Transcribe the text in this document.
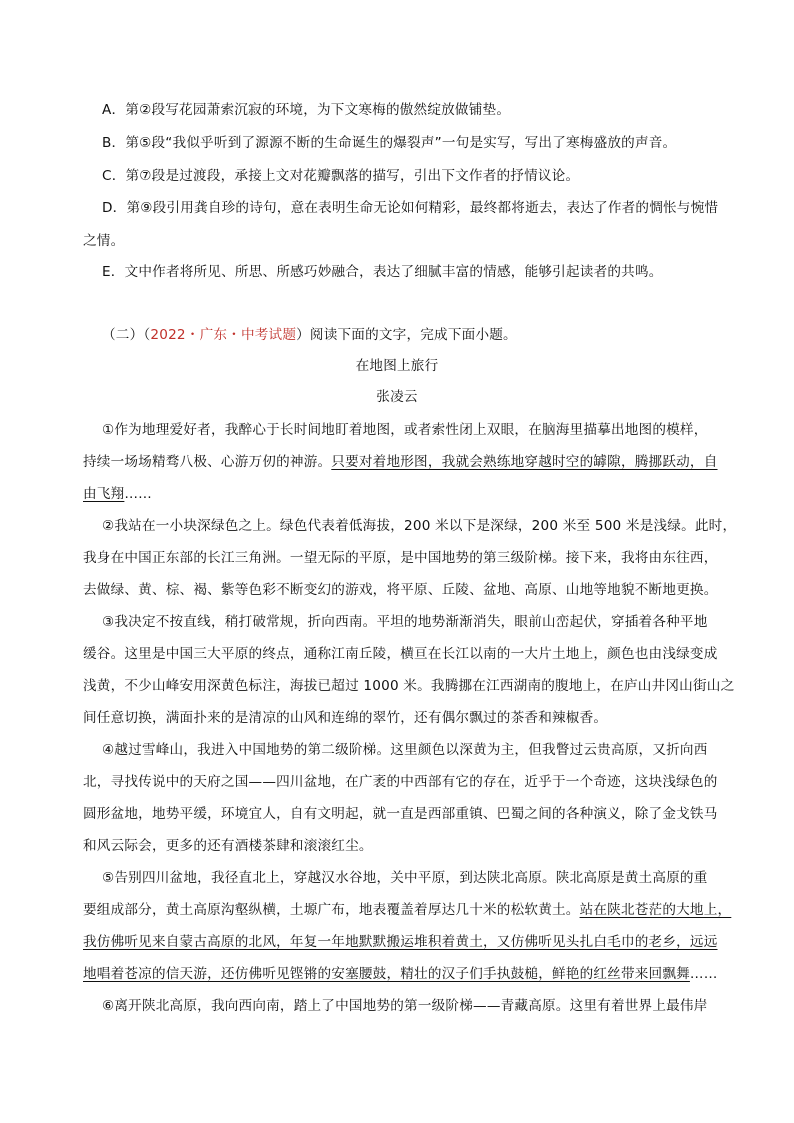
A．第②段写花园萧索沉寂的环境，为下文寒梅的傲然绽放做铺垫。
B．第⑤段“我似乎听到了源源不断的生命诞生的爆裂声”一句是实写，写出了寒梅盛放的声音。
C．第⑦段是过渡段，承接上文对花瓣飘落的描写，引出下文作者的抒情议论。
D．第⑨段引用龚自珍的诗句，意在表明生命无论如何精彩，最终都将逝去，表达了作者的惆怅与惋惜
之情。
E．文中作者将所见、所思、所感巧妙融合，表达了细腻丰富的情感，能够引起读者的共鸣。
（二）（2022・广东・中考试题）阅读下面的文字，完成下面小题。
在地图上旅行
张凌云
①作为地理爱好者，我醉心于长时间地盯着地图，或者索性闭上双眼，在脑海里描摹出地图的模样，
持续一场场精骛八极、心游万仞的神游。只要对着地形图，我就会熟练地穿越时空的罅隙，腾挪跃动，自
由飞翔……
②我站在一小块深绿色之上。绿色代表着低海拔，200 米以下是深绿，200 米至 500 米是浅绿。此时，
我身在中国正东部的长江三角洲。一望无际的平原，是中国地势的第三级阶梯。接下来，我将由东往西，
去做绿、黄、棕、褐、紫等色彩不断变幻的游戏，将平原、丘陵、盆地、高原、山地等地貌不断地更换。
③我决定不按直线，稍打破常规，折向西南。平坦的地势渐渐消失，眼前山峦起伏，穿插着各种平地
缓谷。这里是中国三大平原的终点，通称江南丘陵，横亘在长江以南的一大片土地上，颜色也由浅绿变成
浅黄，不少山峰安用深黄色标注，海拔已超过 1000 米。我腾挪在江西湖南的腹地上，在庐山井冈山街山之
间任意切换，满面扑来的是清凉的山风和连绵的翠竹，还有偶尔飘过的茶香和辣椒香。
④越过雪峰山，我进入中国地势的第二级阶梯。这里颜色以深黄为主，但我瞥过云贵高原，又折向西
北，寻找传说中的天府之国——四川盆地，在广袤的中西部有它的存在，近乎于一个奇迹，这块浅绿色的
圆形盆地，地势平缓，环境宜人，自有文明起，就一直是西部重镇、巴蜀之间的各种演义，除了金戈铁马
和风云际会，更多的还有酒楼茶肆和滚滚红尘。
⑤告别四川盆地，我径直北上，穿越汉水谷地，关中平原，到达陕北高原。陕北高原是黄土高原的重
要组成部分，黄土高原沟壑纵横，土塬广布，地表覆盖着厚达几十米的松软黄土。站在陕北苍茫的大地上，
我仿佛听见来自蒙古高原的北风，年复一年地默默搬运堆积着黄土，又仿佛听见头扎白毛巾的老乡，远远
地唱着苍凉的信天游，还仿佛听见铿锵的安塞腰鼓，精壮的汉子们手执鼓槌，鲜艳的红丝带来回飘舞……
⑥离开陕北高原，我向西向南，踏上了中国地势的第一级阶梯——青藏高原。这里有着世界上最伟岸
